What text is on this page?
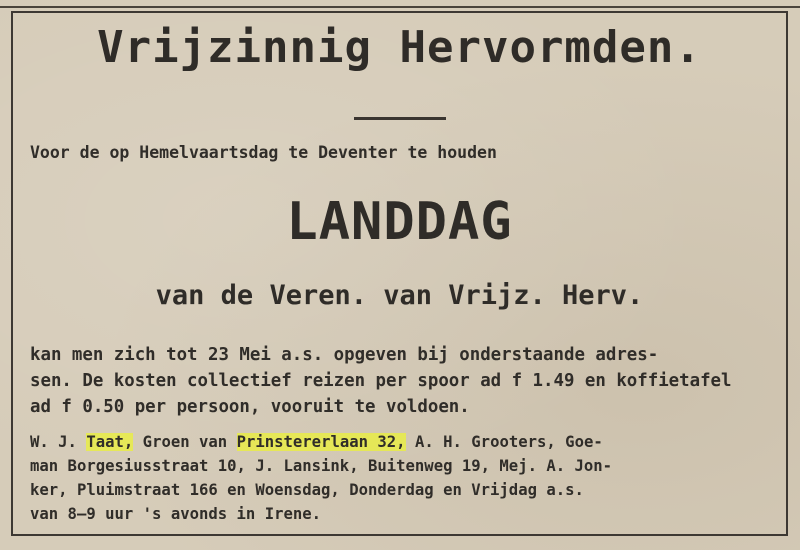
Vrijzinnig Hervormden.
Voor de op Hemelvaartsdag te Deventer te houden
LANDDAG
van de Veren. van Vrijz. Herv.
kan men zich tot 23 Mei a.s. opgeven bij onderstaande adres-
sen. De kosten collectief reizen per spoor ad f 1.49 en koffietafel
ad f 0.50 per persoon, vooruit te voldoen.
W. J. Taat, Groen van Prinstererlaan 32, A. H. Grooters, Goe-
man Borgesiusstraat 10, J. Lansink, Buitenweg 19, Mej. A. Jon-
ker, Pluimstraat 166 en Woensdag, Donderdag en Vrijdag a.s.
van 8—9 uur 's avonds in Irene.
